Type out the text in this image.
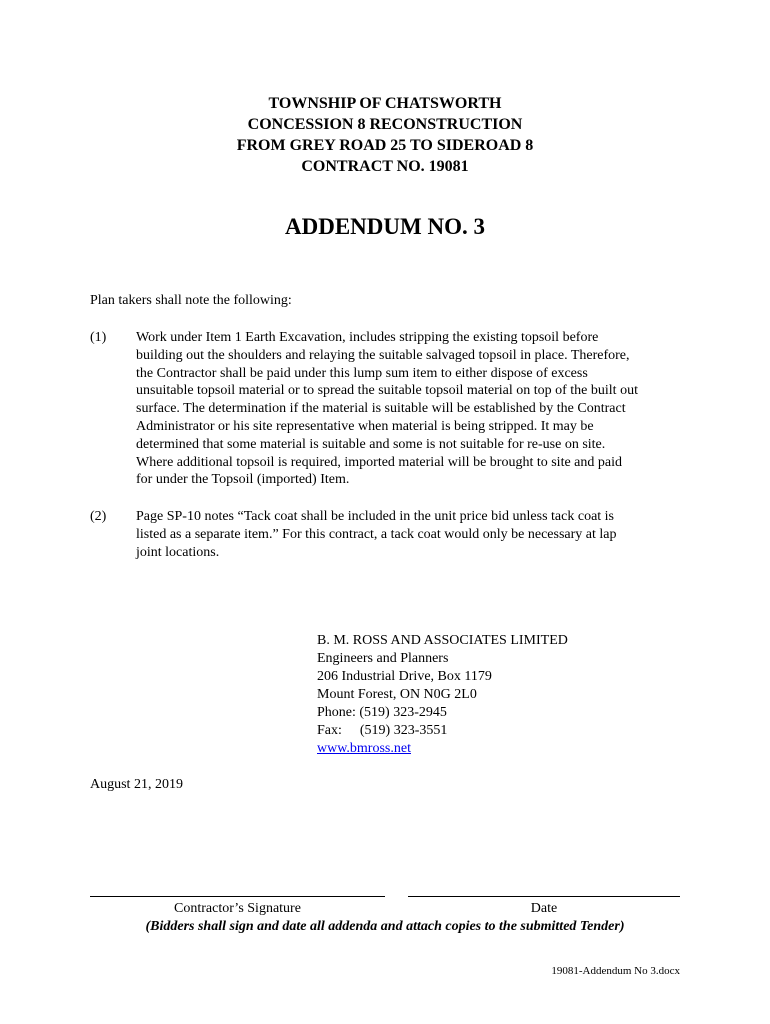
TOWNSHIP OF CHATSWORTH
CONCESSION 8 RECONSTRUCTION
FROM GREY ROAD 25 TO SIDEROAD 8
CONTRACT NO. 19081
ADDENDUM NO. 3
Plan takers shall note the following:
(1) Work under Item 1 Earth Excavation, includes stripping the existing topsoil before
building out the shoulders and relaying the suitable salvaged topsoil in place. Therefore,
the Contractor shall be paid under this lump sum item to either dispose of excess
unsuitable topsoil material or to spread the suitable topsoil material on top of the built out
surface. The determination if the material is suitable will be established by the Contract
Administrator or his site representative when material is being stripped. It may be
determined that some material is suitable and some is not suitable for re-use on site.
Where additional topsoil is required, imported material will be brought to site and paid
for under the Topsoil (imported) Item.
(2) Page SP-10 notes “Tack coat shall be included in the unit price bid unless tack coat is
listed as a separate item.” For this contract, a tack coat would only be necessary at lap
joint locations.
B. M. ROSS AND ASSOCIATES LIMITED
Engineers and Planners
206 Industrial Drive, Box 1179
Mount Forest, ON N0G 2L0
Phone: (519) 323-2945
Fax: (519) 323-3551
www.bmross.net
August 21, 2019
Contractor’s Signature	Date
(Bidders shall sign and date all addenda and attach copies to the submitted Tender)
19081-Addendum No 3.docx
